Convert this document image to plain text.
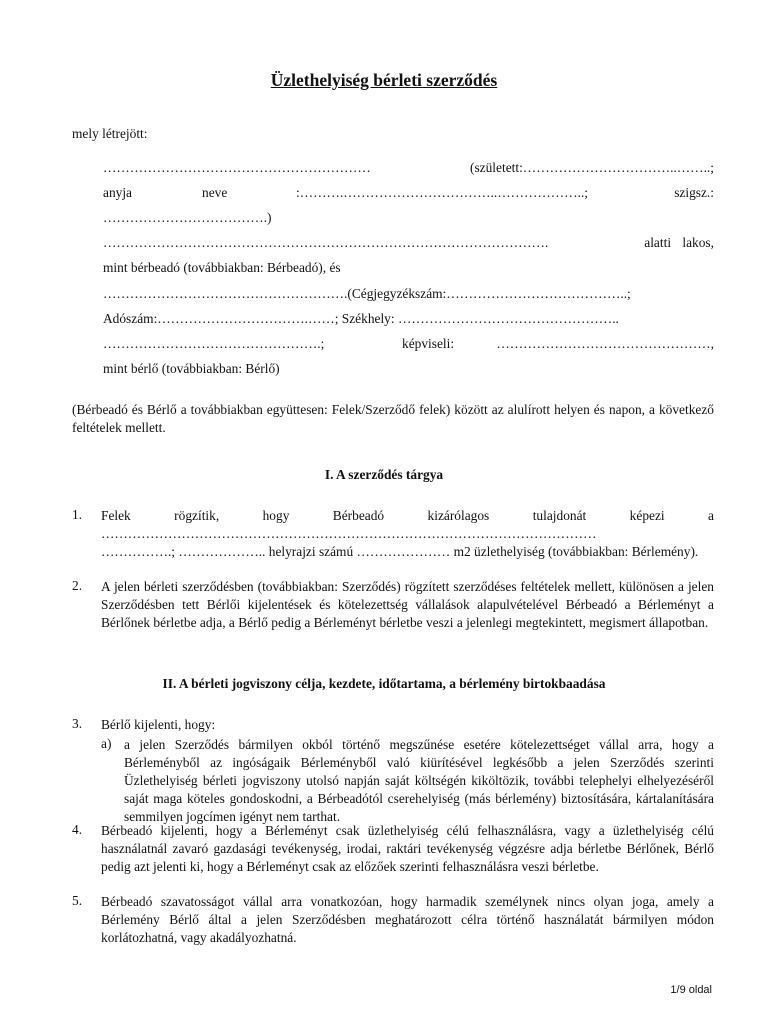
Üzlethelyiség bérleti szerződés
mely létrejött:
……………………………………………………	(született:……………………………..……..;
anyja	neve	:……….……………………………..………………..;	szigsz.:
……………………………….)
……………………………………………………………………………………….	alatti lakos,
mint bérbeadó (továbbiakban: Bérbeadó), és
……………………………………………….(Cégjegyzékszám:…………………………………..;
Adószám:…………………………….……; Székhely: …………………………………………..
………………………………………….;	képviseli:	…………………………………………,
mint bérlő (továbbiakban: Bérlő)
(Bérbeadó és Bérlő a továbbiakban együttesen: Felek/Szerződő felek) között az alulírott helyen és napon, a következő feltételek mellett.
I. A szerződés tárgya
1. Felek rögzítik, hogy Bérbeadó kizárólagos tulajdonát képezi a
…………………………………………………………………………………………………
…………….; ……………….. helyrajzi számú ………………… m2 üzlethelyiség (továbbiakban: Bérlemény).
2. A jelen bérleti szerződésben (továbbiakban: Szerződés) rögzített szerződéses feltételek mellett, különösen a jelen Szerződésben tett Bérlői kijelentések és kötelezettség vállalások alapulvételével Bérbeadó a Bérleményt a Bérlőnek bérletbe adja, a Bérlő pedig a Bérleményt bérletbe veszi a jelenlegi megtekintett, megismert állapotban.
II. A bérleti jogviszony célja, kezdete, időtartama, a bérlemény birtokbaadása
3. Bérlő kijelenti, hogy:
a) a jelen Szerződés bármilyen okból történő megszűnése esetére kötelezettséget vállal arra, hogy a Bérleményből az ingóságaik Bérleményből való kiürítésével legkésőbb a jelen Szerződés szerinti Üzlethelyiség bérleti jogviszony utolsó napján saját költségén kiköltözik, további telephelyi elhelyezéséről saját maga köteles gondoskodni, a Bérbeadótól cserehelyiség (más bérlemény) biztosítására, kártalanítására semmilyen jogcímen igényt nem tarthat.
4. Bérbeadó kijelenti, hogy a Bérleményt csak üzlethelyiség célú felhasználásra, vagy a üzlethelyiség célú használatnál zavaró gazdasági tevékenység, irodai, raktári tevékenység végzésre adja bérletbe Bérlőnek, Bérlő pedig azt jelenti ki, hogy a Bérleményt csak az előzőek szerinti felhasználásra veszi bérletbe.
5. Bérbeadó szavatosságot vállal arra vonatkozóan, hogy harmadik személynek nincs olyan joga, amely a Bérlemény Bérlő által a jelen Szerződésben meghatározott célra történő használatát bármilyen módon korlátozhatná, vagy akadályozhatná.
1/9 oldal
